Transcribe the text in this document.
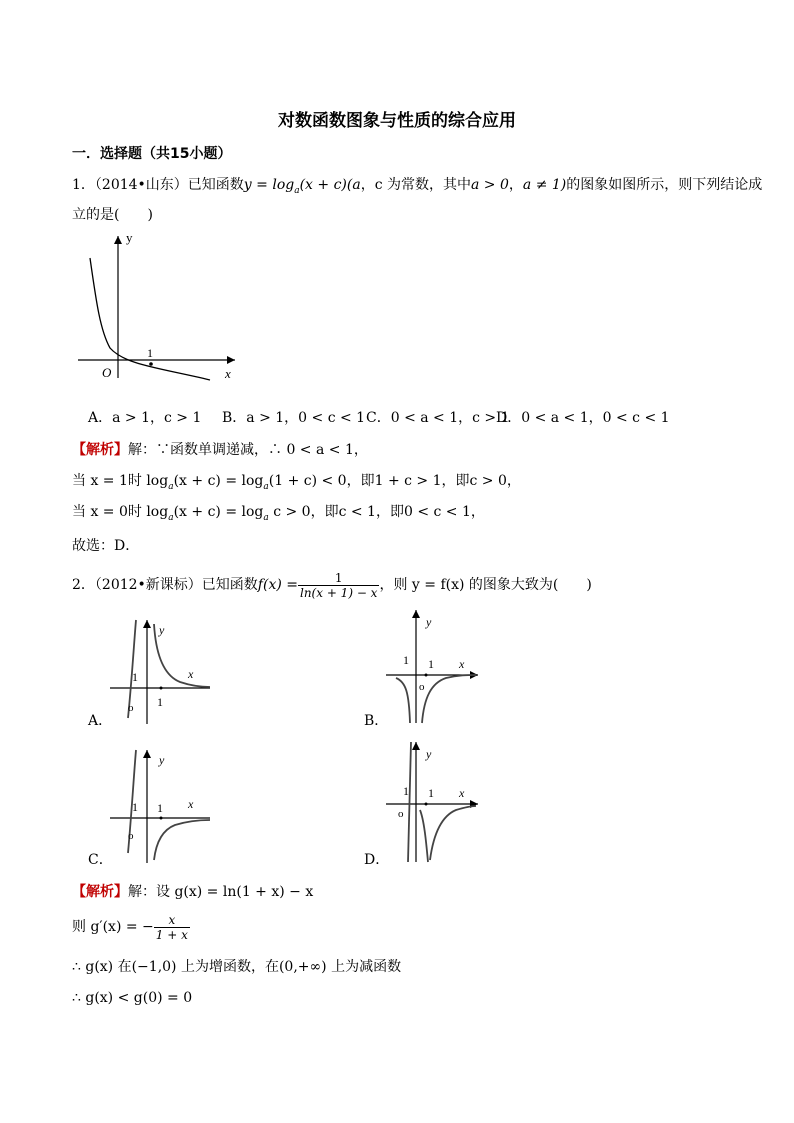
对数函数图象与性质的综合应用
一．选择题（共15小题）
1．（2014•山东）已知函数$y = \log_a(x + c)(a$，c 为常数，其中a > 0，a ≠ 1)的图象如图所示，则下列结论成
立的是(　　)
y
x
O
1
A．a > 1，c > 1 B．a > 1，0 < c < 1 C．0 < a < 1，c > 1
D．0 < a < 1，0 < c < 1
【解析】解：∵函数单调递减，∴ 0 < a < 1，
当 x = 1时 $\log_a(x + c) = \log_a(1 + c) < 0$，即1 + c > 1，即c > 0，
当 x = 0时 $\log_a(x + c) = \log_a c > 0$，即c < 1，即0 < c < 1，
故选：D．
2．（2012•新课标）已知函数$f(x) = \frac{1}{\ln(x + 1) - x}$ ，则 y = f(x) 的图象大致为(　　)
y
x
1
1
o
A．
y
x
1 1
o
B．
y
x
1 1
o
C．
y
x
1 1
o
D．
【解析】解：设 g(x) = ln(1 + x) − x
则 g′(x) = − $\frac{x}{1 + x}$
∴ g(x) 在(−1,0) 上为增函数，在(0,+∞) 上为减函数
∴ g(x) < g(0) = 0
